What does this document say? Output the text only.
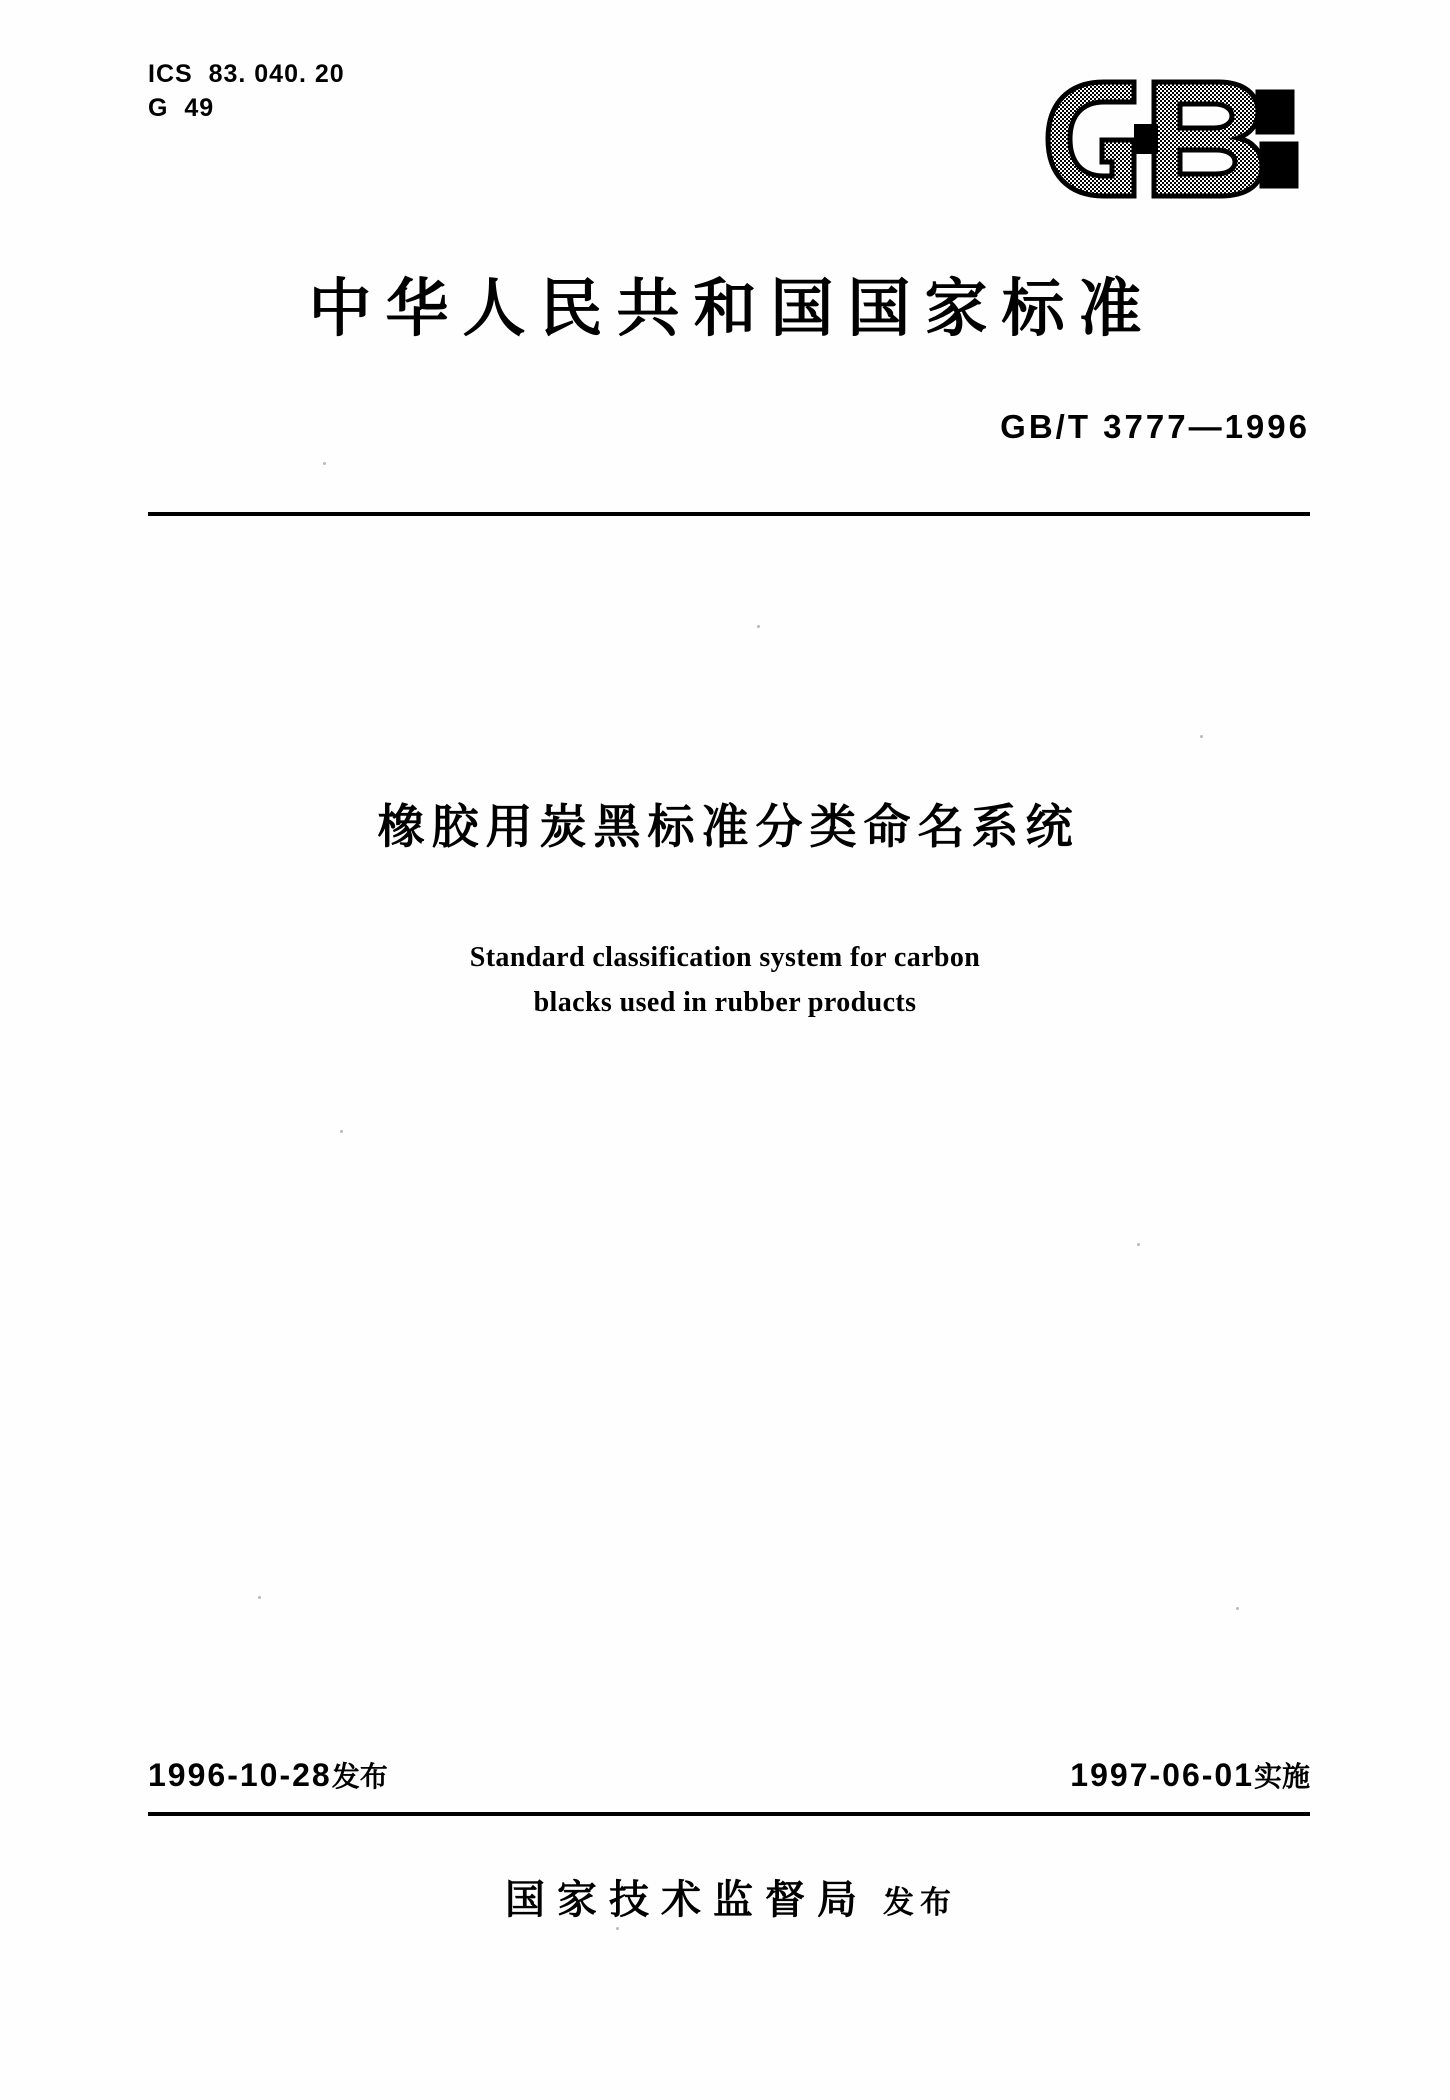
ICS  83. 040. 20
G  49
中华人民共和国国家标准
GB/T 3777—1996
橡胶用炭黑标准分类命名系统
Standard classification system for carbon
blacks used in rubber products
1996-10-28发布	1997-06-01实施
国家技术监督局 发布
